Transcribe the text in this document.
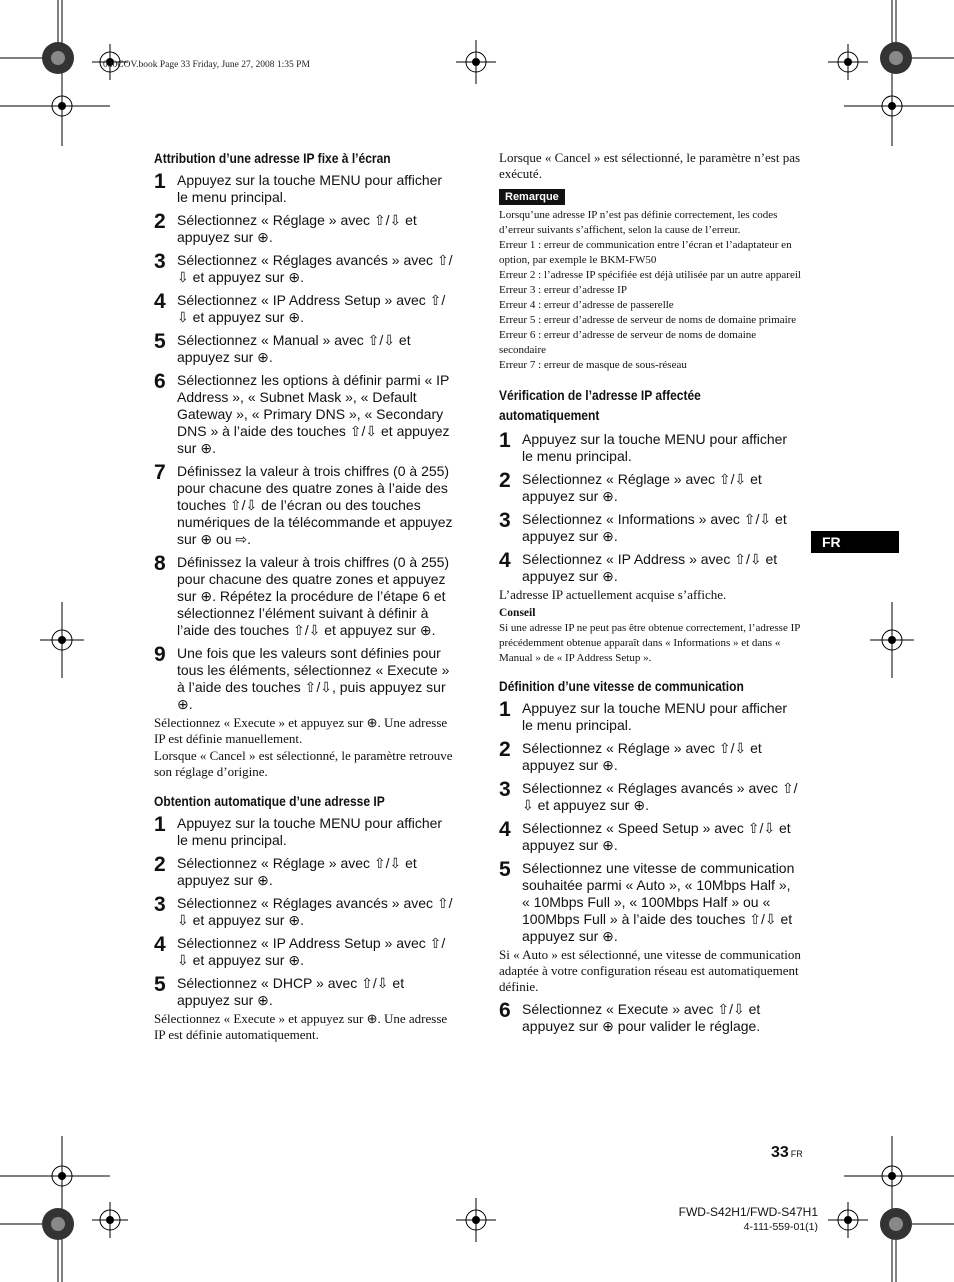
030COV.book Page 33 Friday, June 27, 2008 1:35 PM
Attribution d’une adresse IP fixe à l’écran
1 Appuyez sur la touche MENU pour afficher le menu principal.
2 Sélectionnez « Réglage » avec ⇧/⇩ et appuyez sur ⊕.
3 Sélectionnez « Réglages avancés » avec ⇧/⇩ et appuyez sur ⊕.
4 Sélectionnez « IP Address Setup » avec ⇧/⇩ et appuyez sur ⊕.
5 Sélectionnez « Manual » avec ⇧/⇩ et appuyez sur ⊕.
6 Sélectionnez les options à définir parmi « IP Address », « Subnet Mask », « Default Gateway », « Primary DNS », « Secondary DNS » à l’aide des touches ⇧/⇩ et appuyez sur ⊕.
7 Définissez la valeur à trois chiffres (0 à 255) pour chacune des quatre zones à l’aide des touches ⇧/⇩ de l’écran ou des touches numériques de la télécommande et appuyez sur ⊕ ou ⇨.
8 Définissez la valeur à trois chiffres (0 à 255) pour chacune des quatre zones et appuyez sur ⊕. Répétez la procédure de l’étape 6 et sélectionnez l’élément suivant à définir à l’aide des touches ⇧/⇩ et appuyez sur ⊕.
9 Une fois que les valeurs sont définies pour tous les éléments, sélectionnez « Execute » à l’aide des touches ⇧/⇩, puis appuyez sur ⊕.

Sélectionnez « Execute » et appuyez sur ⊕. Une adresse IP est définie manuellement.

Lorsque « Cancel » est sélectionné, le paramètre retrouve son réglage d’origine.

Obtention automatique d’une adresse IP
1 Appuyez sur la touche MENU pour afficher le menu principal.
2 Sélectionnez « Réglage » avec ⇧/⇩ et appuyez sur ⊕.
3 Sélectionnez « Réglages avancés » avec ⇧/⇩ et appuyez sur ⊕.
4 Sélectionnez « IP Address Setup » avec ⇧/⇩ et appuyez sur ⊕.
5 Sélectionnez « DHCP » avec ⇧/⇩ et appuyez sur ⊕.

Sélectionnez « Execute » et appuyez sur ⊕. Une adresse IP est définie automatiquement.

Lorsque « Cancel » est sélectionné, le paramètre n’est pas exécuté.

Remarque
Lorsqu’une adresse IP n’est pas définie correctement, les codes d’erreur suivants s’affichent, selon la cause de l’erreur.
Erreur 1 : erreur de communication entre l’écran et l’adaptateur en option, par exemple le BKM-FW50
Erreur 2 : l’adresse IP spécifiée est déjà utilisée par un autre appareil
Erreur 3 : erreur d’adresse IP
Erreur 4 : erreur d’adresse de passerelle
Erreur 5 : erreur d’adresse de serveur de noms de domaine primaire
Erreur 6 : erreur d’adresse de serveur de noms de domaine secondaire
Erreur 7 : erreur de masque de sous-réseau
Vérification de l’adresse IP affectée automatiquement
1 Appuyez sur la touche MENU pour afficher le menu principal.
2 Sélectionnez « Réglage » avec ⇧/⇩ et appuyez sur ⊕.
3 Sélectionnez « Informations » avec ⇧/⇩ et appuyez sur ⊕.
4 Sélectionnez « IP Address » avec ⇧/⇩ et appuyez sur ⊕.

L’adresse IP actuellement acquise s’affiche.

Conseil
Si une adresse IP ne peut pas être obtenue correctement, l’adresse IP précédemment obtenue apparaît dans « Informations » et dans « Manual » de « IP Address Setup ».
Définition d’une vitesse de communication
1 Appuyez sur la touche MENU pour afficher le menu principal.
2 Sélectionnez « Réglage » avec ⇧/⇩ et appuyez sur ⊕.
3 Sélectionnez « Réglages avancés » avec ⇧/⇩ et appuyez sur ⊕.
4 Sélectionnez « Speed Setup » avec ⇧/⇩ et appuyez sur ⊕.
5 Sélectionnez une vitesse de communication souhaitée parmi « Auto », « 10Mbps Half », « 10Mbps Full », « 100Mbps Half » ou « 100Mbps Full » à l’aide des touches ⇧/⇩ et appuyez sur ⊕.

Si « Auto » est sélectionné, une vitesse de communication adaptée à votre configuration réseau est automatiquement définie.

6 Sélectionnez « Execute » avec ⇧/⇩ et appuyez sur ⊕ pour valider le réglage.
FR
33 FR
FWD-S42H1/FWD-S47H1
4-111-559-01(1)
